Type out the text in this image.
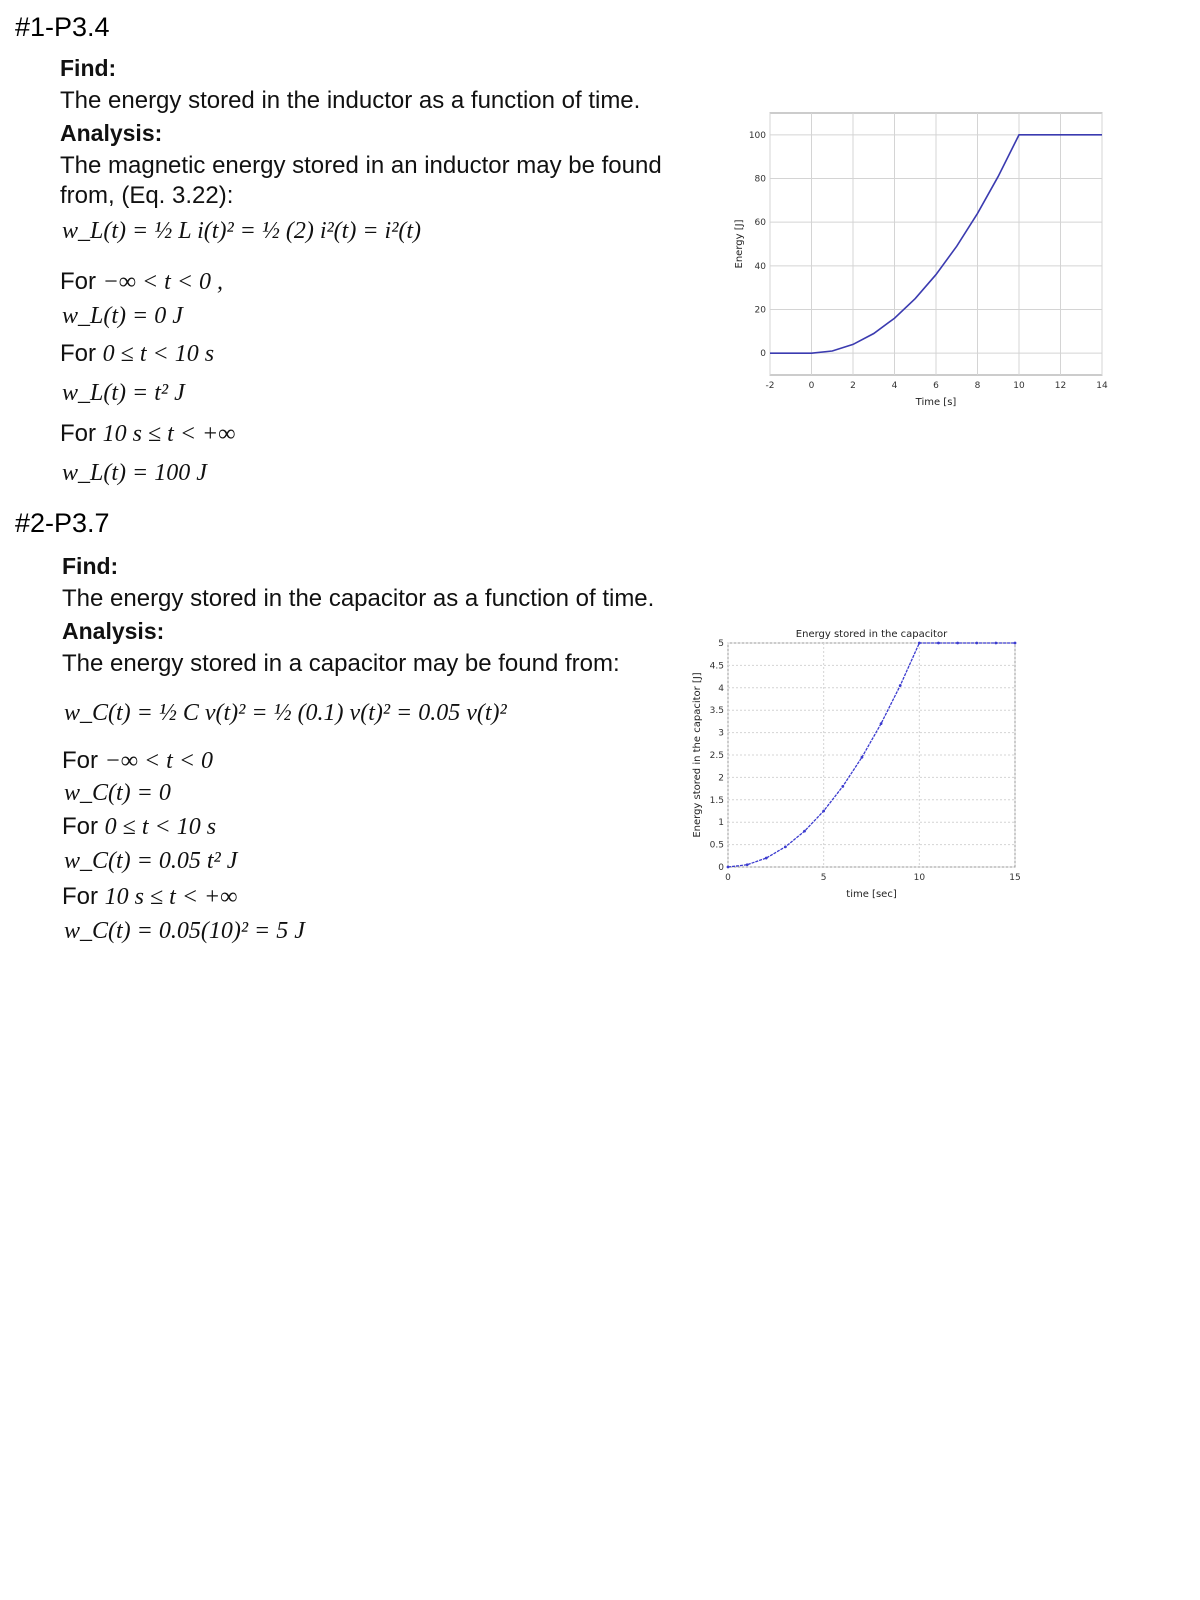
#1-P3.4
Find:

The energy stored in the inductor as a function of time.

Analysis:

The magnetic energy stored in an inductor may be found from, (Eq. 3.22):

w_L(t) = ½ L i(t)² = ½ (2) i²(t) = i²(t)
For −∞ < t < 0 ,
w_L(t) = 0 J
For 0 ≤ t < 10 s
w_L(t) = t² J
For 10 s ≤ t < +∞
w_L(t) = 100 J
-2	0	2	4	6	8	10	12	14
0
20
40
60
80
100
Time [s]
Energy [J]
#2-P3.7
Find:

The energy stored in the capacitor as a function of time.

Analysis:

The energy stored in a capacitor may be found from:

w_C(t) = ½ C v(t)² = ½ (0.1) v(t)² = 0.05 v(t)²
For −∞ < t < 0
w_C(t) = 0
For 0 ≤ t < 10 s
w_C(t) = 0.05 t² J
For 10 s ≤ t < +∞
w_C(t) = 0.05(10)² = 5 J
0	5	10	15
0
0.5
1
1.5
2
2.5
3
3.5
4
4.5
5
time [sec]
Energy stored in the capacitor [J]
Energy stored in the capacitor
